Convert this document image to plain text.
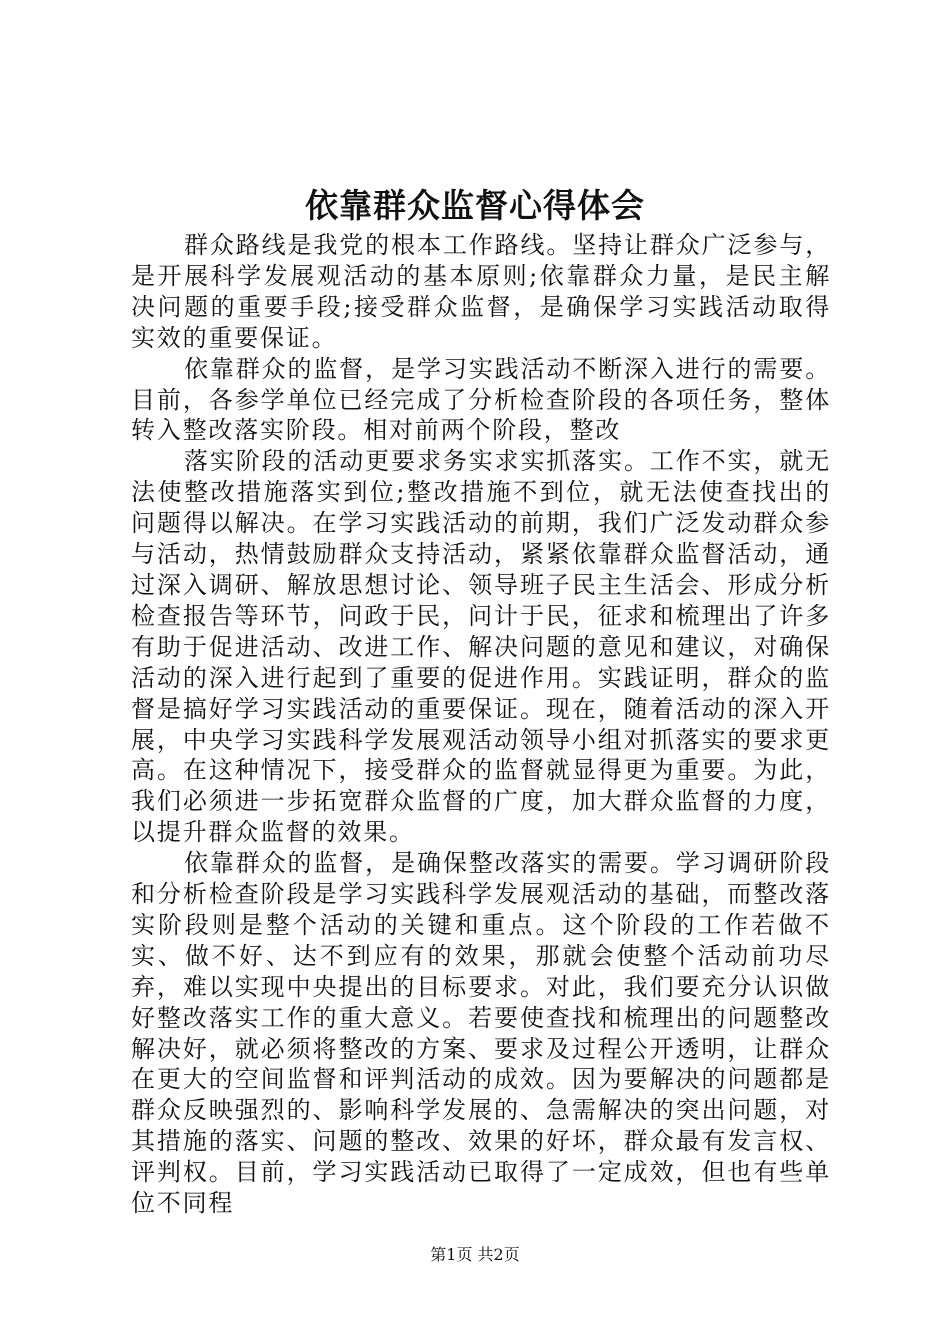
依靠群众监督心得体会

群众路线是我党的根本工作路线。坚持让群众广泛参与，是开展科学发展观活动的基本原则;依靠群众力量，是民主解决问题的重要手段;接受群众监督，是确保学习实践活动取得实效的重要保证。

依靠群众的监督，是学习实践活动不断深入进行的需要。目前，各参学单位已经完成了分析检查阶段的各项任务，整体转入整改落实阶段。相对前两个阶段，整改

落实阶段的活动更要求务实求实抓落实。工作不实，就无法使整改措施落实到位;整改措施不到位，就无法使查找出的问题得以解决。在学习实践活动的前期，我们广泛发动群众参与活动，热情鼓励群众支持活动，紧紧依靠群众监督活动，通过深入调研、解放思想讨论、领导班子民主生活会、形成分析检查报告等环节，问政于民，问计于民，征求和梳理出了许多有助于促进活动、改进工作、解决问题的意见和建议，对确保活动的深入进行起到了重要的促进作用。实践证明，群众的监督是搞好学习实践活动的重要保证。现在，随着活动的深入开展，中央学习实践科学发展观活动领导小组对抓落实的要求更高。在这种情况下，接受群众的监督就显得更为重要。为此，我们必须进一步拓宽群众监督的广度，加大群众监督的力度，以提升群众监督的效果。

依靠群众的监督，是确保整改落实的需要。学习调研阶段和分析检查阶段是学习实践科学发展观活动的基础，而整改落实阶段则是整个活动的关键和重点。这个阶段的工作若做不实、做不好、达不到应有的效果，那就会使整个活动前功尽弃，难以实现中央提出的目标要求。对此，我们要充分认识做好整改落实工作的重大意义。若要使查找和梳理出的问题整改解决好，就必须将整改的方案、要求及过程公开透明，让群众在更大的空间监督和评判活动的成效。因为要解决的问题都是群众反映强烈的、影响科学发展的、急需解决的突出问题，对其措施的落实、问题的整改、效果的好坏，群众最有发言权、评判权。目前，学习实践活动已取得了一定成效，但也有些单位不同程

第1页 共2页
